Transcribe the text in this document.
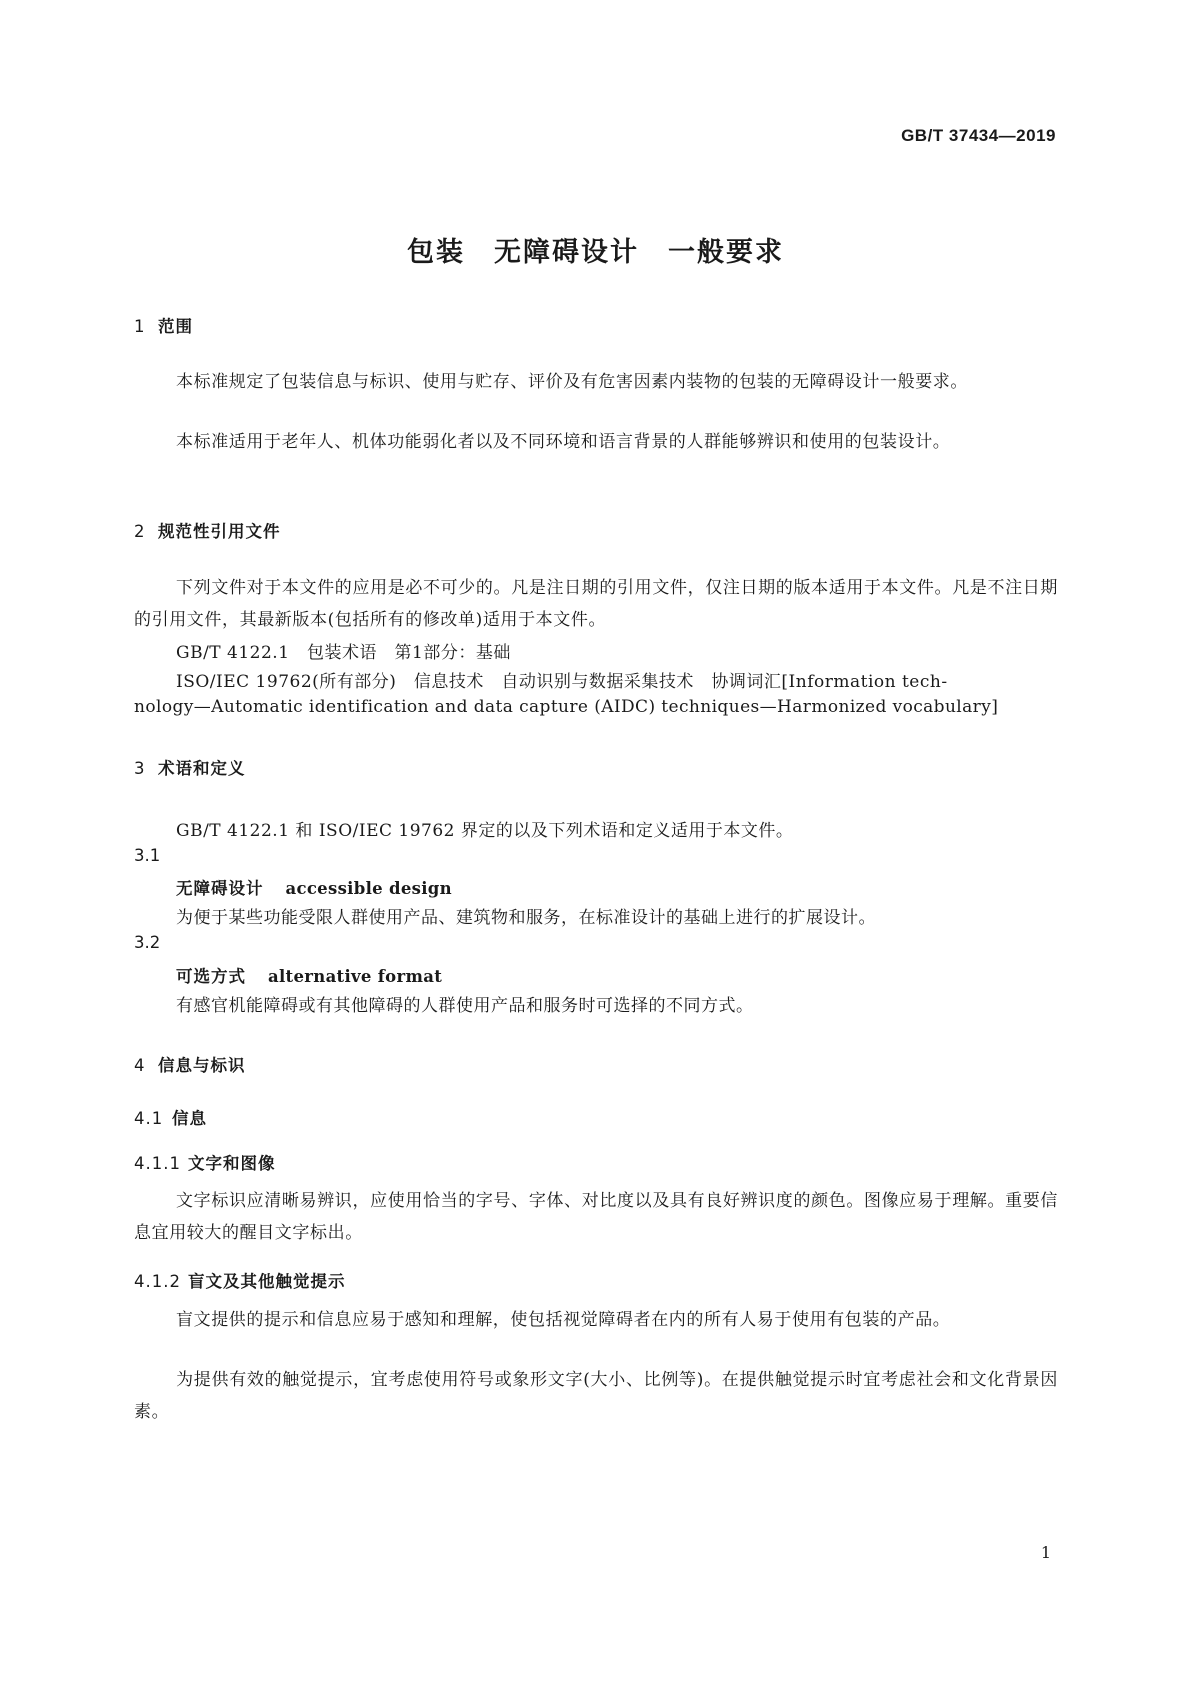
GB/T 37434—2019
包装　无障碍设计　一般要求
1 范围
本标准规定了包装信息与标识、使用与贮存、评价及有危害因素内装物的包装的无障碍设计一般要求。
本标准适用于老年人、机体功能弱化者以及不同环境和语言背景的人群能够辨识和使用的包装设计。
2 规范性引用文件
下列文件对于本文件的应用是必不可少的。凡是注日期的引用文件，仅注日期的版本适用于本文件。凡是不注日期的引用文件，其最新版本(包括所有的修改单)适用于本文件。
GB/T 4122.1　包装术语　第1部分：基础
ISO/IEC 19762(所有部分)　信息技术　自动识别与数据采集技术　协调词汇[Information tech-
nology—Automatic identification and data capture (AIDC) techniques—Harmonized vocabulary]
3 术语和定义
GB/T 4122.1 和 ISO/IEC 19762 界定的以及下列术语和定义适用于本文件。
3.1
无障碍设计 accessible design
为便于某些功能受限人群使用产品、建筑物和服务，在标准设计的基础上进行的扩展设计。
3.2
可选方式 alternative format
有感官机能障碍或有其他障碍的人群使用产品和服务时可选择的不同方式。
4 信息与标识
4.1 信息
4.1.1 文字和图像
文字标识应清晰易辨识，应使用恰当的字号、字体、对比度以及具有良好辨识度的颜色。图像应易于理解。重要信息宜用较大的醒目文字标出。
4.1.2 盲文及其他触觉提示
盲文提供的提示和信息应易于感知和理解，使包括视觉障碍者在内的所有人易于使用有包装的产品。
为提供有效的触觉提示，宜考虑使用符号或象形文字(大小、比例等)。在提供触觉提示时宜考虑社会和文化背景因素。
1
